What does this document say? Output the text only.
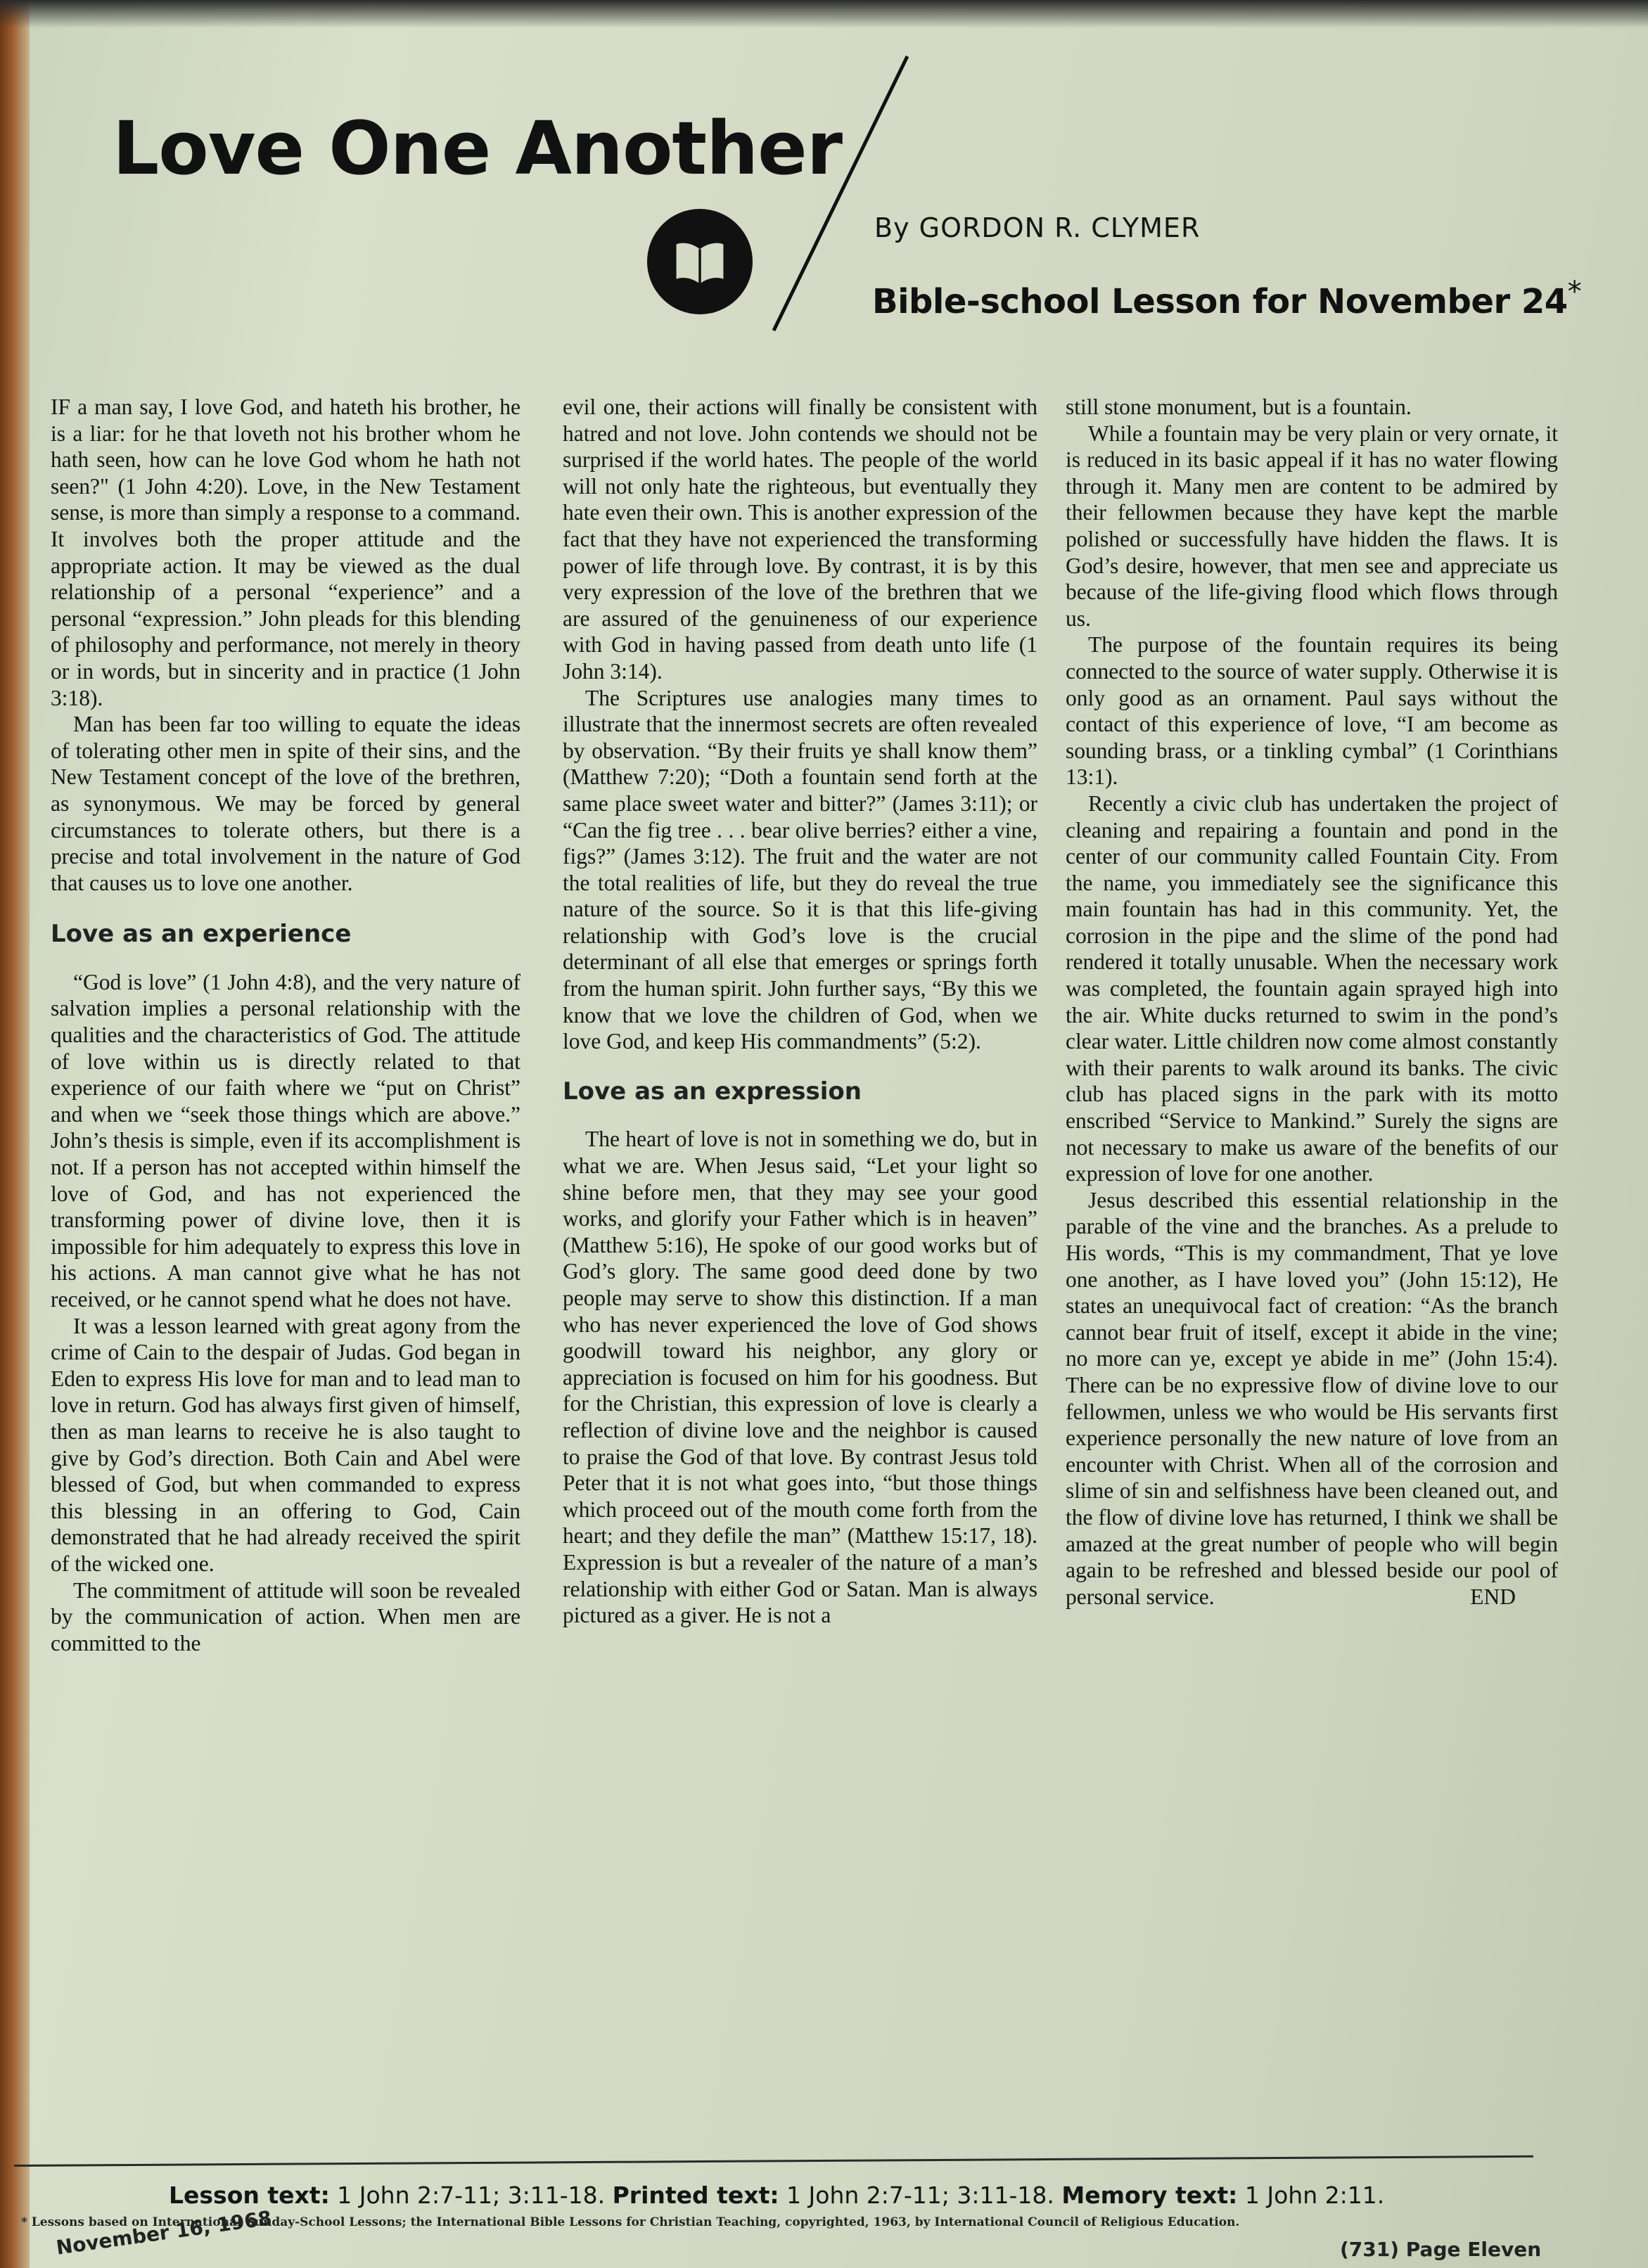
Love One Another
By GORDON R. CLYMER
Bible-school Lesson for November 24*

IF a man say, I love God, and hateth his brother, he is a liar: for he that loveth not his brother whom he hath seen, how can he love God whom he hath not seen?" (1 John 4:20). Love, in the New Testament sense, is more than simply a response to a command. It involves both the proper attitude and the appropriate action. It may be viewed as the dual relationship of a personal “experience” and a personal “expression.” John pleads for this blending of philosophy and performance, not merely in theory or in words, but in sincerity and in practice (1 John 3:18).

Man has been far too willing to equate the ideas of tolerating other men in spite of their sins, and the New Testament concept of the love of the brethren, as synonymous. We may be forced by general circumstances to tolerate others, but there is a precise and total involvement in the nature of God that causes us to love one another.

Love as an experience

“God is love” (1 John 4:8), and the very nature of salvation implies a personal relationship with the qualities and the characteristics of God. The attitude of love within us is directly related to that experience of our faith where we “put on Christ” and when we “seek those things which are above.” John’s thesis is simple, even if its accomplishment is not. If a person has not accepted within himself the love of God, and has not experienced the transforming power of divine love, then it is impossible for him adequately to express this love in his actions. A man cannot give what he has not received, or he cannot spend what he does not have.

It was a lesson learned with great agony from the crime of Cain to the despair of Judas. God began in Eden to express His love for man and to lead man to love in return. God has always first given of himself, then as man learns to receive he is also taught to give by God’s direction. Both Cain and Abel were blessed of God, but when commanded to express this blessing in an offering to God, Cain demonstrated that he had already received the spirit of the wicked one.

The commitment of attitude will soon be revealed by the communication of action. When men are committed to the

evil one, their actions will finally be consistent with hatred and not love. John contends we should not be surprised if the world hates. The people of the world will not only hate the righteous, but eventually they hate even their own. This is another expression of the fact that they have not experienced the transforming power of life through love. By contrast, it is by this very expression of the love of the brethren that we are assured of the genuineness of our experience with God in having passed from death unto life (1 John 3:14).

The Scriptures use analogies many times to illustrate that the innermost secrets are often revealed by observation. “By their fruits ye shall know them” (Matthew 7:20); “Doth a fountain send forth at the same place sweet water and bitter?” (James 3:11); or “Can the fig tree . . . bear olive berries? either a vine, figs?” (James 3:12). The fruit and the water are not the total realities of life, but they do reveal the true nature of the source. So it is that this life-giving relationship with God’s love is the crucial determinant of all else that emerges or springs forth from the human spirit. John further says, “By this we know that we love the children of God, when we love God, and keep His commandments” (5:2).

Love as an expression

The heart of love is not in something we do, but in what we are. When Jesus said, “Let your light so shine before men, that they may see your good works, and glorify your Father which is in heaven” (Matthew 5:16), He spoke of our good works but of God’s glory. The same good deed done by two people may serve to show this distinction. If a man who has never experienced the love of God shows goodwill toward his neighbor, any glory or appreciation is focused on him for his goodness. But for the Christian, this expression of love is clearly a reflection of divine love and the neighbor is caused to praise the God of that love. By contrast Jesus told Peter that it is not what goes into, “but those things which proceed out of the mouth come forth from the heart; and they defile the man” (Matthew 15:17, 18). Expression is but a revealer of the nature of a man’s relationship with either God or Satan. Man is always pictured as a giver. He is not a

still stone monument, but is a fountain.

While a fountain may be very plain or very ornate, it is reduced in its basic appeal if it has no water flowing through it. Many men are content to be admired by their fellowmen because they have kept the marble polished or successfully have hidden the flaws. It is God’s desire, however, that men see and appreciate us because of the life-giving flood which flows through us.

The purpose of the fountain requires its being connected to the source of water supply. Otherwise it is only good as an ornament. Paul says without the contact of this experience of love, “I am become as sounding brass, or a tinkling cymbal” (1 Corinthians 13:1).

Recently a civic club has undertaken the project of cleaning and repairing a fountain and pond in the center of our community called Fountain City. From the name, you immediately see the significance this main fountain has had in this community. Yet, the corrosion in the pipe and the slime of the pond had rendered it totally unusable. When the necessary work was completed, the fountain again sprayed high into the air. White ducks returned to swim in the pond’s clear water. Little children now come almost constantly with their parents to walk around its banks. The civic club has placed signs in the park with its motto enscribed “Service to Mankind.” Surely the signs are not necessary to make us aware of the benefits of our expression of love for one another.

Jesus described this essential relationship in the parable of the vine and the branches. As a prelude to His words, “This is my commandment, That ye love one another, as I have loved you” (John 15:12), He states an unequivocal fact of creation: “As the branch cannot bear fruit of itself, except it abide in the vine; no more can ye, except ye abide in me” (John 15:4). There can be no expressive flow of divine love to our fellowmen, unless we who would be His servants first experience personally the new nature of love from an encounter with Christ. When all of the corrosion and slime of sin and selfishness have been cleaned out, and the flow of divine love has returned, I think we shall be amazed at the great number of people who will begin again to be refreshed and blessed beside our pool of personal service.	END

Lesson text: 1 John 2:7-11; 3:11-18. Printed text: 1 John 2:7-11; 3:11-18. Memory text: 1 John 2:11.
* Lessons based on International Sunday-School Lessons; the International Bible Lessons for Christian Teaching, copyrighted, 1963, by International Council of Religious Education.
November 16, 1968	(731) Page Eleven
